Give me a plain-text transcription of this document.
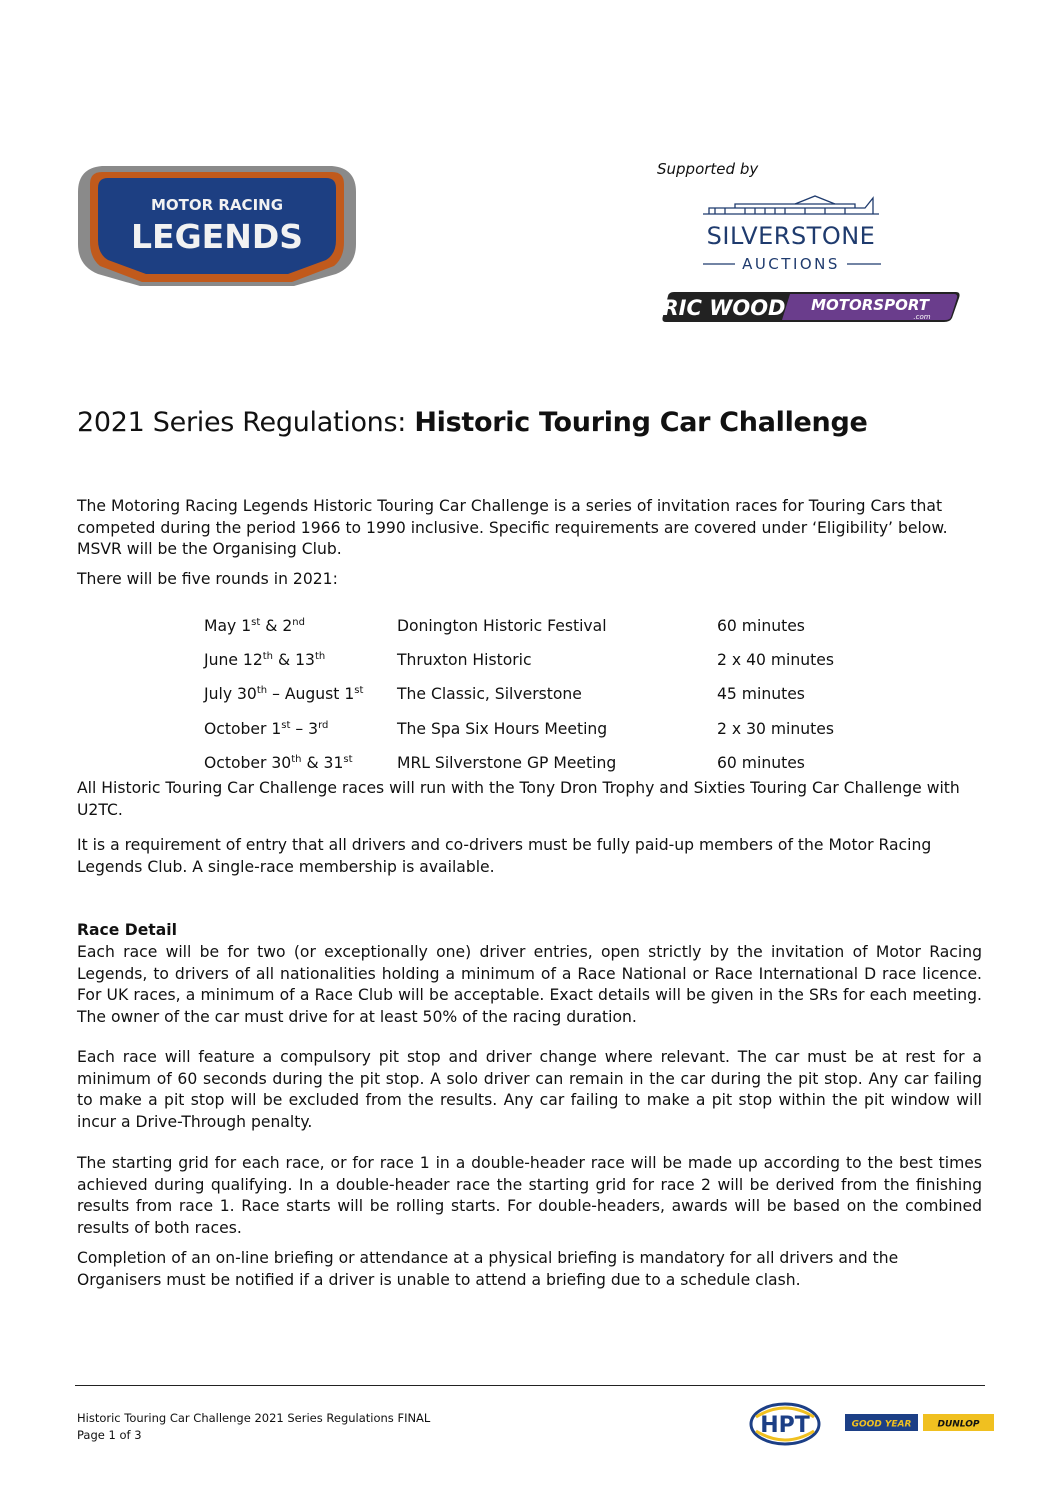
MOTOR RACING
LEGENDS
Supported by
SILVERSTONE
AUCTIONS
RIC WOOD MOTORSPORT
.com
2021 Series Regulations: Historic Touring Car Challenge

The Motoring Racing Legends Historic Touring Car Challenge is a series of invitation races for Touring Cars that competed during the period 1966 to 1990 inclusive. Specific requirements are covered under ‘Eligibility’ below. MSVR will be the Organising Club.

There will be five rounds in 2021:

May 1st & 2nd	Donington Historic Festival	60 minutes
June 12th & 13th	Thruxton Historic	2 x 40 minutes
July 30th – August 1st	The Classic, Silverstone	45 minutes
October 1st – 3rd	The Spa Six Hours Meeting	2 x 30 minutes
October 30th & 31st	MRL Silverstone GP Meeting	60 minutes

All Historic Touring Car Challenge races will run with the Tony Dron Trophy and Sixties Touring Car Challenge with U2TC.

It is a requirement of entry that all drivers and co-drivers must be fully paid-up members of the Motor Racing Legends Club. A single-race membership is available.

Race Detail

Each race will be for two (or exceptionally one) driver entries, open strictly by the invitation of Motor Racing Legends, to drivers of all nationalities holding a minimum of a Race National or Race International D race licence. For UK races, a minimum of a Race Club will be acceptable. Exact details will be given in the SRs for each meeting. The owner of the car must drive for at least 50% of the racing duration.

Each race will feature a compulsory pit stop and driver change where relevant. The car must be at rest for a minimum of 60 seconds during the pit stop. A solo driver can remain in the car during the pit stop. Any car failing to make a pit stop will be excluded from the results. Any car failing to make a pit stop within the pit window will incur a Drive-Through penalty.

The starting grid for each race, or for race 1 in a double-header race will be made up according to the best times achieved during qualifying. In a double-header race the starting grid for race 2 will be derived from the finishing results from race 1. Race starts will be rolling starts. For double-headers, awards will be based on the combined results of both races.

Completion of an on-line briefing or attendance at a physical briefing is mandatory for all drivers and the Organisers must be notified if a driver is unable to attend a briefing due to a schedule clash.

Historic Touring Car Challenge 2021 Series Regulations FINAL
Page 1 of 3	HPT	GOOD YEAR	DUNLOP
